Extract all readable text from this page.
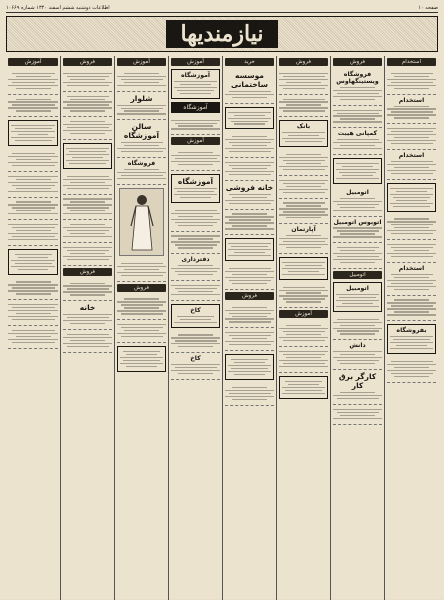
صفحه ۱۰
اطلاعات دوشنبه ششم اسفند ۱۳۴۰ شماره ۱۰۶۶۹
نیازمندیها
استخدام
استخدام
استخدام
استخدام
بفروشگاه
فروش
فروشگاه ویستینگهاوس
کمپانی هیبت
اتومبیل
اتوبوس اتومبیل
اتومبیل
اتومبیل
دانش
کارگر برق کار
فروش
بانک
آپارتمان
آموزش
خرید
موسسه ساختمانی
خانه فروشی
فروش
آموزش
آموزشگاه
آموزشگاه
آموزش
آموزشگاه
دفترداری
کاخ
کاخ
آموزش
شلوار
سالن آموزشگاه
فروشگاه
فروش
فروش
فروش
خانه
آموزش
